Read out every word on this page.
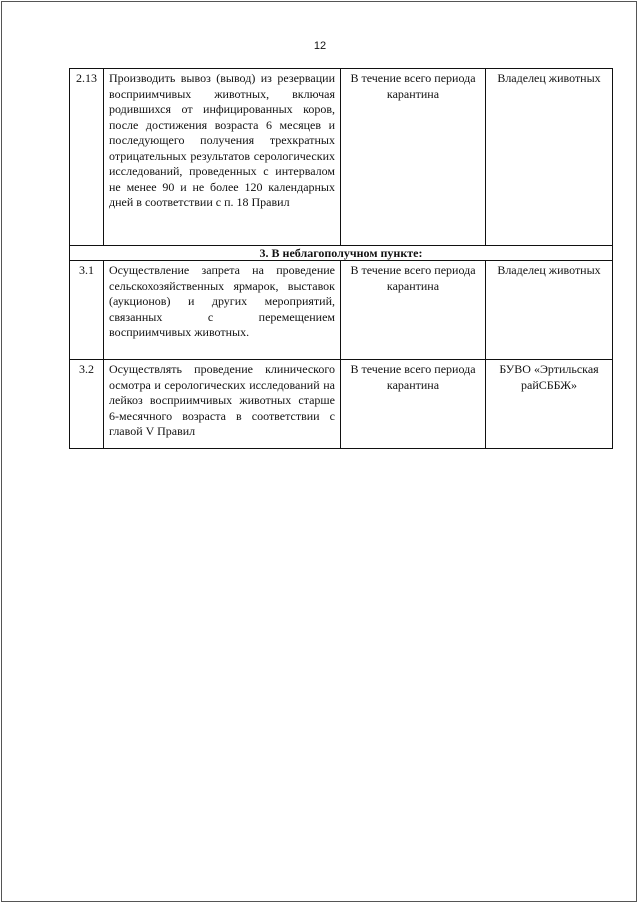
12
2.13	Производить вывоз (вывод) из резервации восприимчивых животных, включая родившихся от инфицированных коров, после достижения возраста 6 месяцев и последующего получения трехкратных отрицательных результатов серологических исследований, проведенных с интервалом не менее 90 и не более 120 календарных дней в соответствии с п. 18 Правил	В течение всего периода карантина	Владелец животных
3. В неблагополучном пункте:			
3.1	Осуществление запрета на проведение сельскохозяйственных ярмарок, выставок (аукционов) и других мероприятий, связанных с перемещением восприимчивых животных.	В течение всего периода карантина	Владелец животных
3.2	Осуществлять проведение клинического осмотра и серологических исследований на лейкоз восприимчивых животных старше 6-месячного возраста в соответствии с главой V Правил	В течение всего периода карантина	БУВО «Эртильская райСББЖ»
